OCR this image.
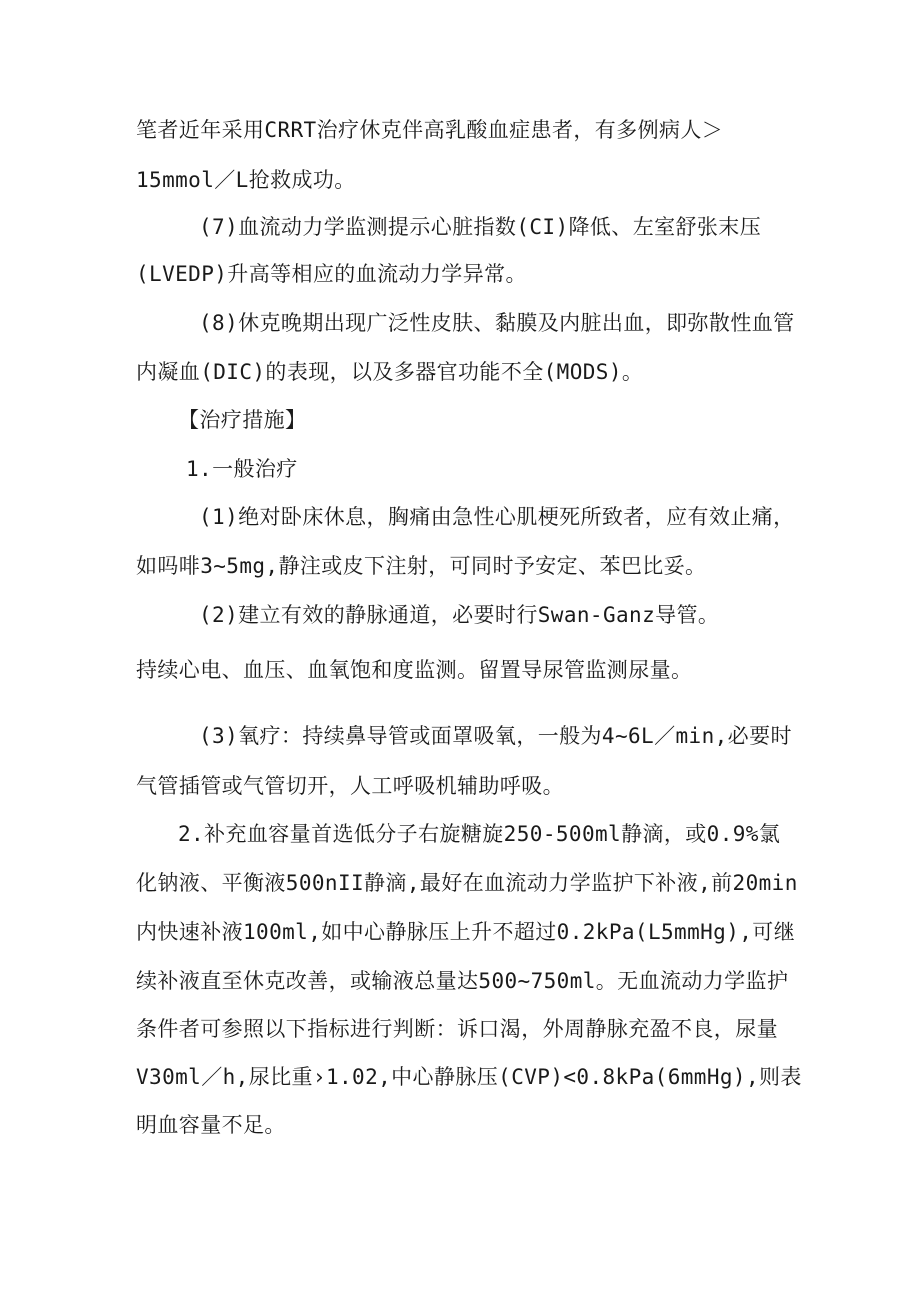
笔者近年采用CRRT治疗休克伴高乳酸血症患者，有多例病人＞
15mmol／L抢救成功。
(7)血流动力学监测提示心脏指数(CI)降低、左室舒张末压
(LVEDP)升高等相应的血流动力学异常。
(8)休克晚期出现广泛性皮肤、黏膜及内脏出血，即弥散性血管
内凝血(DIC)的表现，以及多器官功能不全(MODS)。
【治疗措施】
1.一般治疗
(1)绝对卧床休息，胸痛由急性心肌梗死所致者，应有效止痛，
如吗啡3~5mg,静注或皮下注射，可同时予安定、苯巴比妥。
(2)建立有效的静脉通道，必要时行Swan-Ganz导管。
持续心电、血压、血氧饱和度监测。留置导尿管监测尿量。
(3)氧疗：持续鼻导管或面罩吸氧，一般为4~6L／min,必要时
气管插管或气管切开，人工呼吸机辅助呼吸。
2.补充血容量首选低分子右旋糖旋250-500ml静滴，或0.9%氯
化钠液、平衡液500nII静滴,最好在血流动力学监护下补液,前20min
内快速补液100ml,如中心静脉压上升不超过0.2kPa(L5mmHg),可继
续补液直至休克改善，或输液总量达500~750ml。无血流动力学监护
条件者可参照以下指标进行判断：诉口渴，外周静脉充盈不良，尿量
V30ml／h,尿比重›1.02,中心静脉压(CVP)<0.8kPa(6mmHg),则表
明血容量不足。
